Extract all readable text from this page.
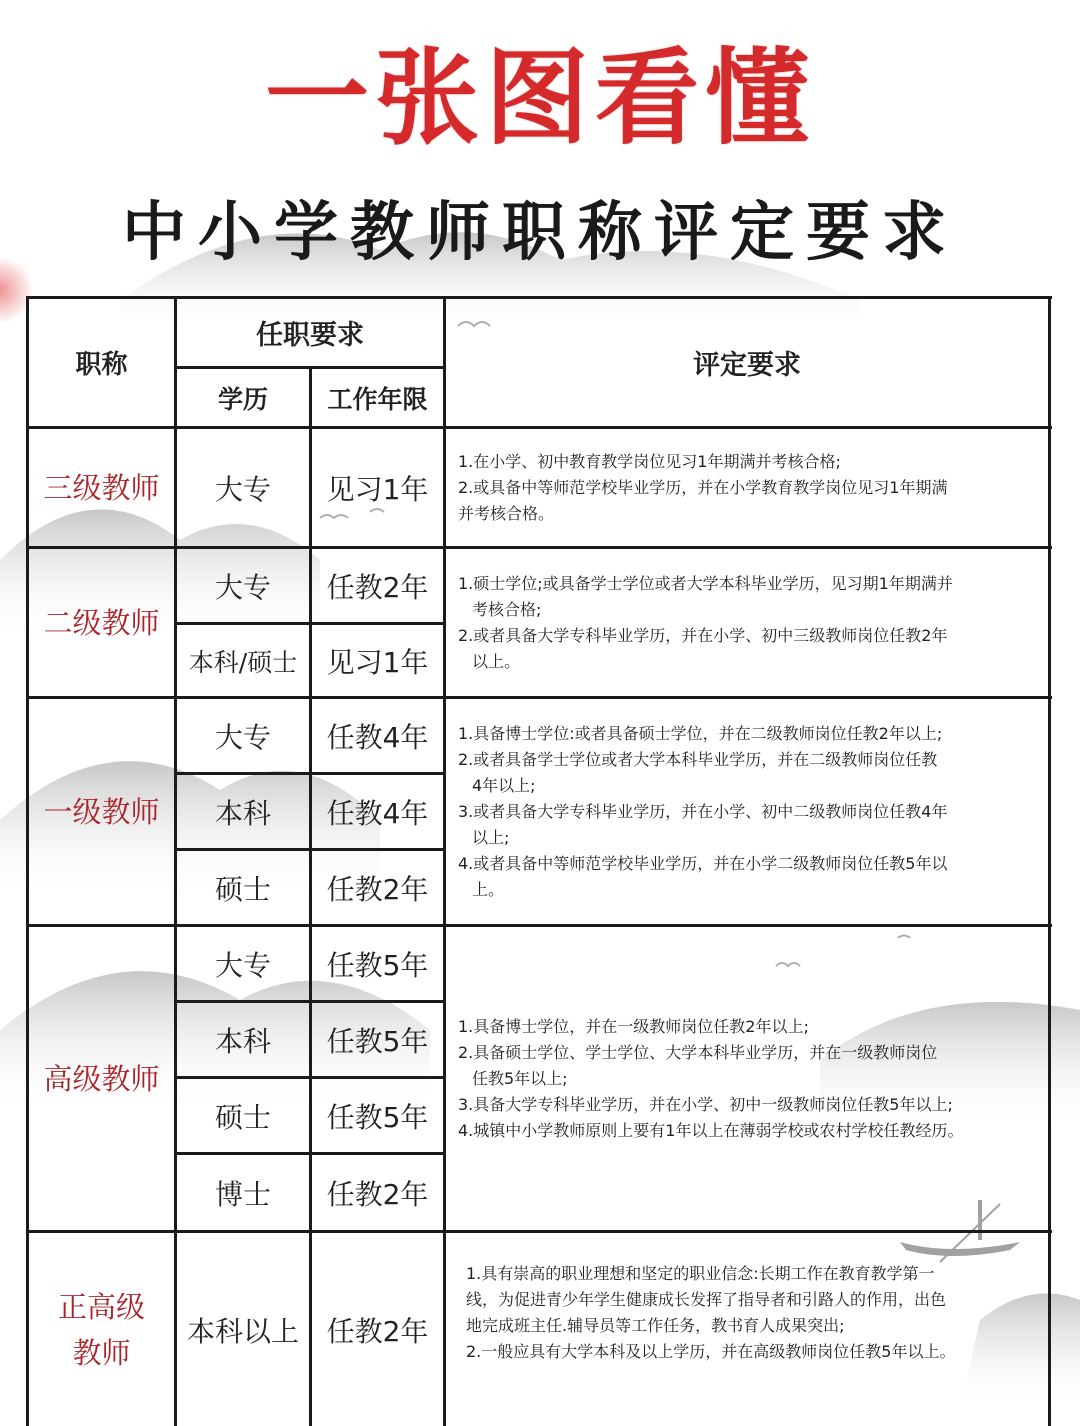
一张图看懂
中小学教师职称评定要求
职称
任职要求
学历	工作年限
评定要求
三级教师	大专	见习1年
1.在小学、初中教育教学岗位见习1年期满并考核合格;
2.或具备中等师范学校毕业学历，并在小学教育教学岗位见习1年期满
并考核合格。
二级教师
大专	任教2年
本科/硕士	见习1年
1.硕士学位;或具备学士学位或者大学本科毕业学历，见习期1年期满并
考核合格;
2.或者具备大学专科毕业学历，并在小学、初中三级教师岗位任教2年
以上。
一级教师
大专	任教4年
本科	任教4年
硕士	任教2年
1.具备博士学位:或者具备硕士学位，并在二级教师岗位任教2年以上;
2.或者具备学士学位或者大学本科毕业学历，并在二级教师岗位任教
4年以上;
3.或者具备大学专科毕业学历，并在小学、初中二级教师岗位任教4年
以上;
4.或者具备中等师范学校毕业学历，并在小学二级教师岗位任教5年以
上。
高级教师
大专	任教5年
本科	任教5年
硕士	任教5年
博士	任教2年
1.具备博士学位，并在一级教师岗位任教2年以上;
2.具备硕士学位、学士学位、大学本科毕业学历，并在一级教师岗位
任教5年以上;
3.具备大学专科毕业学历，并在小学、初中一级教师岗位任教5年以上;
4.城镇中小学教师原则上要有1年以上在薄弱学校或农村学校任教经历。
正高级
教师
本科以上 任教2年
1.具有崇高的职业理想和坚定的职业信念:长期工作在教育教学第一
线，为促进青少年学生健康成长发挥了指导者和引路人的作用，出色
地完成班主任.辅导员等工作任务，教书育人成果突出;
2.一般应具有大学本科及以上学历，并在高级教师岗位任教5年以上。
